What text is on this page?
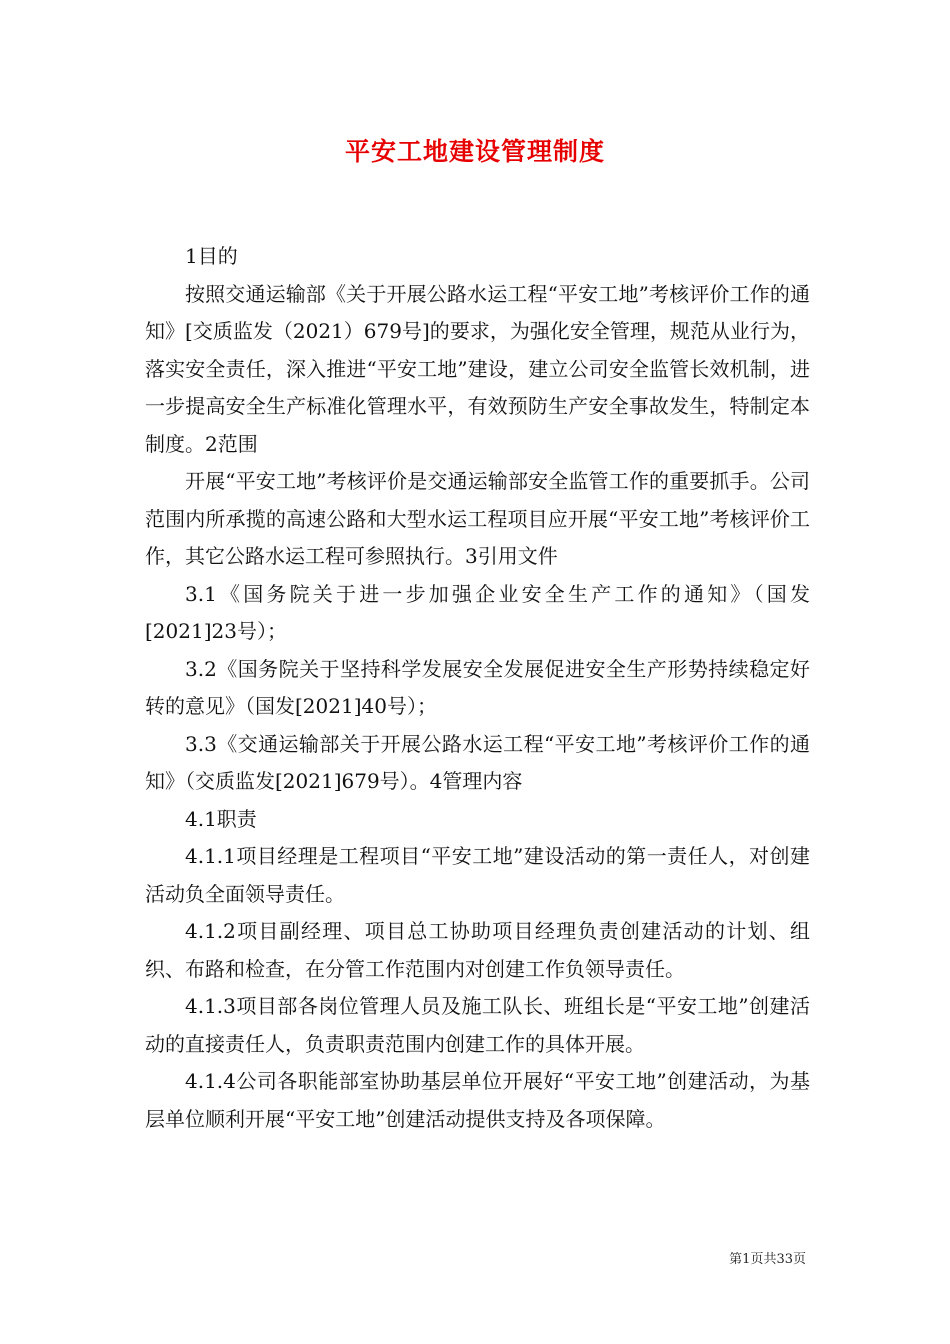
平安工地建设管理制度

1目的

按照交通运输部《关于开展公路水运工程“平安工地”考核评价工作的通知》[交质监发（2021）679号]的要求，为强化安全管理，规范从业行为，落实安全责任，深入推进“平安工地”建设，建立公司安全监管长效机制，进一步提高安全生产标准化管理水平，有效预防生产安全事故发生，特制定本制度。2范围

开展“平安工地”考核评价是交通运输部安全监管工作的重要抓手。公司范围内所承揽的高速公路和大型水运工程项目应开展“平安工地”考核评价工作，其它公路水运工程可参照执行。3引用文件

3.1《国务院关于进一步加强企业安全生产工作的通知》（国发[2021]23号）；

3.2《国务院关于坚持科学发展安全发展促进安全生产形势持续稳定好转的意见》（国发[2021]40号）；

3.3《交通运输部关于开展公路水运工程“平安工地”考核评价工作的通知》（交质监发[2021]679号）。4管理内容

4.1职责

4.1.1项目经理是工程项目“平安工地”建设活动的第一责任人，对创建活动负全面领导责任。

4.1.2项目副经理、项目总工协助项目经理负责创建活动的计划、组织、布路和检查，在分管工作范围内对创建工作负领导责任。

4.1.3项目部各岗位管理人员及施工队长、班组长是“平安工地”创建活动的直接责任人，负责职责范围内创建工作的具体开展。

4.1.4公司各职能部室协助基层单位开展好“平安工地”创建活动，为基层单位顺利开展“平安工地”创建活动提供支持及各项保障。

第1页共33页
